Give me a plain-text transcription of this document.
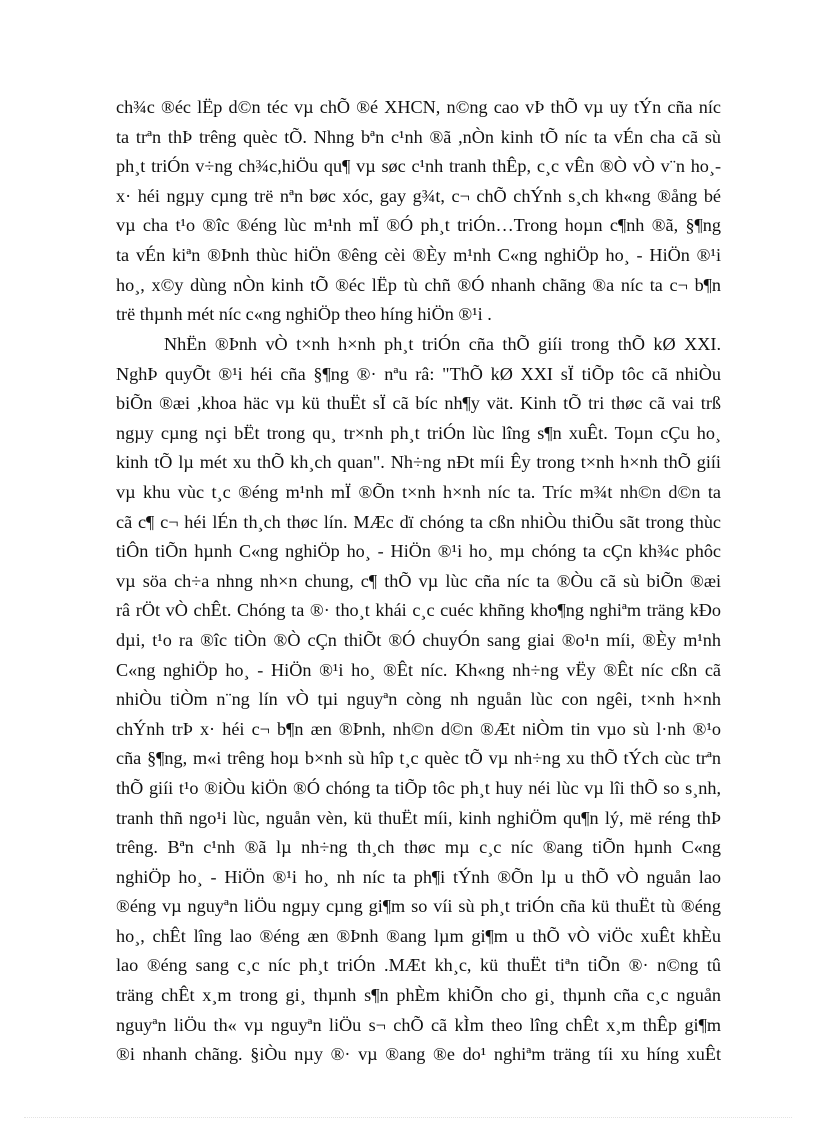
ch¾c ®éc lËp d©n téc vµ chÕ ®é XHCN, n©ng cao vÞ thÕ vµ uy tÝn cña níc
ta trªn thÞ trêng quèc tÕ. Nhng bªn c¹nh ®ã ,nÒn kinh tÕ níc ta vÉn cha cã sù
ph¸t triÓn v÷ng ch¾c,hiÖu qu¶ vµ søc c¹nh tranh thÊp, c¸c vÊn ®Ò vÒ v¨n ho¸-
x· héi ngµy cµng trë nªn bøc xóc, gay g¾t, c¬ chÕ chÝnh s¸ch kh«ng ®ång bé
vµ cha t¹o ®îc ®éng lùc m¹nh mÏ ®Ó ph¸t triÓn…Trong hoµn c¶nh ®ã, §¶ng
ta vÉn kiªn ®Þnh thùc hiÖn ®êng cèi ®Èy m¹nh C«ng nghiÖp ho¸ - HiÖn ®¹i
ho¸, x©y dùng nÒn kinh tÕ ®éc lËp tù chñ ®Ó nhanh chãng ®a níc ta c¬ b¶n
trë thµnh mét níc c«ng nghiÖp theo híng hiÖn ®¹i .

NhËn ®Þnh vÒ t×nh h×nh ph¸t triÓn cña thÕ giíi trong thÕ kØ XXI.
NghÞ quyÕt ®¹i héi cña §¶ng ®· nªu râ: "ThÕ kØ XXI sÏ tiÕp tôc cã nhiÒu
biÕn ®æi ,khoa häc vµ kü thuËt sÏ cã bíc nh¶y vät. Kinh tÕ tri thøc cã vai trß
ngµy cµng nçi bËt trong qu¸ tr×nh ph¸t triÓn lùc lîng s¶n xuÊt. Toµn cÇu ho¸
kinh tÕ lµ mét xu thÕ kh¸ch quan". Nh÷ng nÐt míi Êy trong t×nh h×nh thÕ giíi
vµ khu vùc t¸c ®éng m¹nh mÏ ®Õn t×nh h×nh níc ta. Tríc m¾t nh©n d©n ta
cã c¶ c¬ héi lÉn th¸ch thøc lín. MÆc dï chóng ta cßn nhiÒu thiÕu sãt trong thùc
tiÔn tiÕn hµnh C«ng nghiÖp ho¸ - HiÖn ®¹i ho¸ mµ chóng ta cÇn kh¾c phôc
vµ söa ch÷a nhng nh×n chung, c¶ thÕ vµ lùc cña níc ta ®Òu cã sù biÕn ®æi
râ rÖt vÒ chÊt. Chóng ta ®· tho¸t khái c¸c cuéc khñng kho¶ng nghiªm träng kÐo
dµi, t¹o ra ®îc tiÒn ®Ò cÇn thiÕt ®Ó chuyÓn sang giai ®o¹n míi, ®Èy m¹nh
C«ng nghiÖp ho¸ - HiÖn ®¹i ho¸ ®Êt níc. Kh«ng nh÷ng vËy ®Êt níc cßn cã
nhiÒu tiÒm n¨ng lín vÒ tµi nguyªn còng nh nguån lùc con ngêi, t×nh h×nh
chÝnh trÞ x· héi c¬ b¶n æn ®Þnh, nh©n d©n ®Æt niÒm tin vµo sù l·nh ®¹o
cña §¶ng, m«i trêng hoµ b×nh sù hîp t¸c quèc tÕ vµ nh÷ng xu thÕ tÝch cùc trªn
thÕ giíi t¹o ®iÒu kiÖn ®Ó chóng ta tiÕp tôc ph¸t huy néi lùc vµ lîi thÕ so s¸nh,
tranh thñ ngo¹i lùc, nguån vèn, kü thuËt míi, kinh nghiÖm qu¶n lý, më réng thÞ
trêng. Bªn c¹nh ®ã lµ nh÷ng th¸ch thøc mµ c¸c níc ®ang tiÕn hµnh C«ng
nghiÖp ho¸ - HiÖn ®¹i ho¸ nh níc ta ph¶i tÝnh ®Õn lµ u thÕ vÒ nguån lao
®éng vµ nguyªn liÖu ngµy cµng gi¶m so víi sù ph¸t triÓn cña kü thuËt tù ®éng
ho¸, chÊt lîng lao ®éng æn ®Þnh ®ang lµm gi¶m u thÕ vÒ viÖc xuÊt khÈu
lao ®éng sang c¸c níc ph¸t triÓn .MÆt kh¸c, kü thuËt tiªn tiÕn ®· n©ng tû
träng chÊt x¸m trong gi¸ thµnh s¶n phÈm khiÕn cho gi¸ thµnh cña c¸c nguån
nguyªn liÖu th« vµ nguyªn liÖu s¬ chÕ cã kÌm theo lîng chÊt x¸m thÊp gi¶m
®i nhanh chãng. §iÒu nµy ®· vµ ®ang ®e do¹ nghiªm träng tíi xu híng xuÊt
